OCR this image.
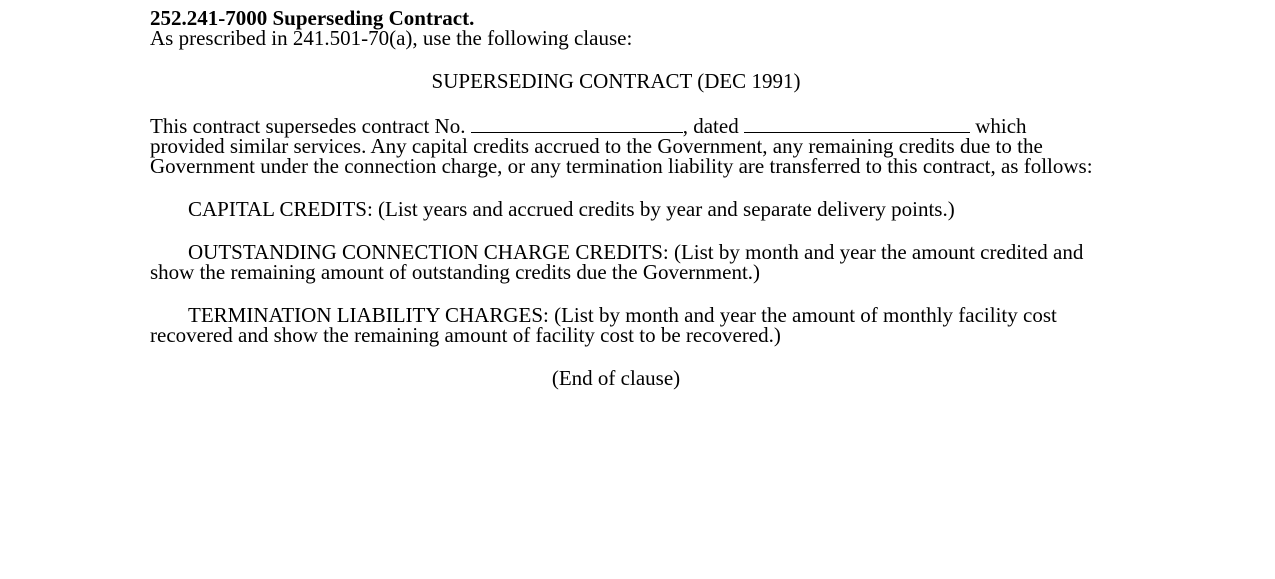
252.241-7000 Superseding Contract.

As prescribed in 241.501-70(a), use the following clause:

SUPERSEDING CONTRACT (DEC 1991)

This contract supersedes contract No.	, dated	which provided similar services. Any capital credits accrued to the Government, any remaining credits due to the Government under the connection charge, or any termination liability are transferred to this contract, as follows:

CAPITAL CREDITS: (List years and accrued credits by year and separate delivery points.)

OUTSTANDING CONNECTION CHARGE CREDITS: (List by month and year the amount credited and show the remaining amount of outstanding credits due the Government.)

TERMINATION LIABILITY CHARGES: (List by month and year the amount of monthly facility cost recovered and show the remaining amount of facility cost to be recovered.)

(End of clause)
